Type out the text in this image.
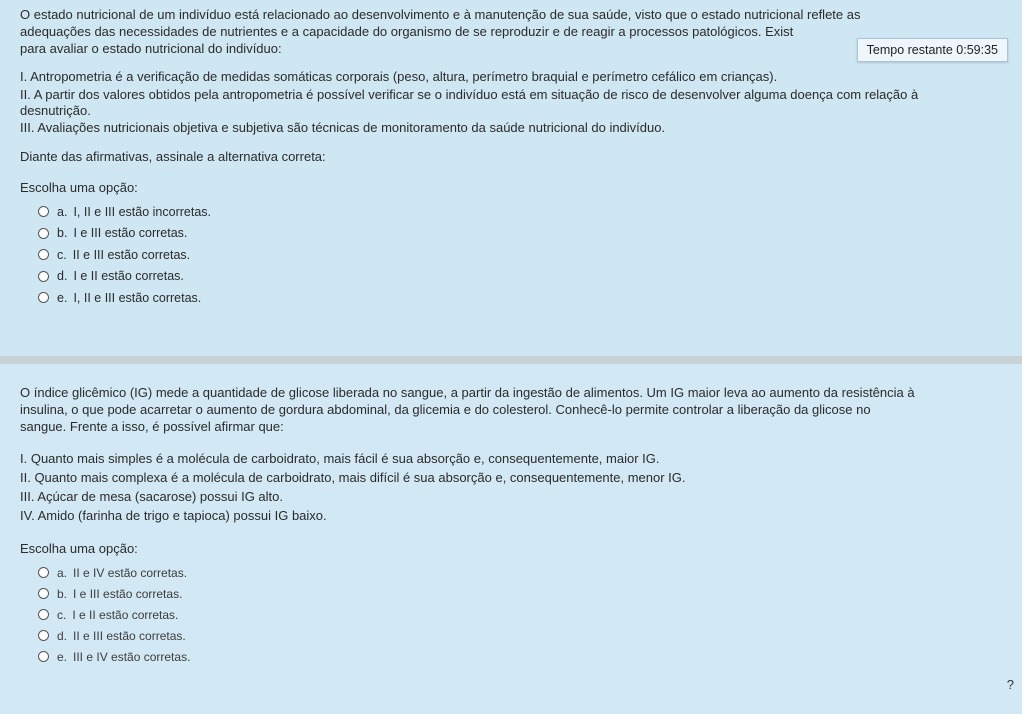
O estado nutricional de um indivíduo está relacionado ao desenvolvimento e à manutenção de sua saúde, visto que o estado nutricional reflete as

adequações das necessidades de nutrientes e a capacidade do organismo de se reproduzir e de reagir a processos patológicos. Exist

para avaliar o estado nutricional do indivíduo:

I. Antropometria é a verificação de medidas somáticas corporais (peso, altura, perímetro braquial e perímetro cefálico em crianças).

II. A partir dos valores obtidos pela antropometria é possível verificar se o indivíduo está em situação de risco de desenvolver alguma doença com relação à

desnutrição.

III. Avaliações nutricionais objetiva e subjetiva são técnicas de monitoramento da saúde nutricional do indivíduo.

Diante das afirmativas, assinale a alternativa correta:

Escolha uma opção:

a. I, II e III estão incorretas.
b. I e III estão corretas.
c. II e III estão corretas.
d. I e II estão corretas.
e. I, II e III estão corretas.
Tempo restante 0:59:35

O índice glicêmico (IG) mede a quantidade de glicose liberada no sangue, a partir da ingestão de alimentos. Um IG maior leva ao aumento da resistência à

insulina, o que pode acarretar o aumento de gordura abdominal, da glicemia e do colesterol. Conhecê-lo permite controlar a liberação da glicose no

sangue. Frente a isso, é possível afirmar que:

I. Quanto mais simples é a molécula de carboidrato, mais fácil é sua absorção e, consequentemente, maior IG.

II. Quanto mais complexa é a molécula de carboidrato, mais difícil é sua absorção e, consequentemente, menor IG.

III. Açúcar de mesa (sacarose) possui IG alto.

IV. Amido (farinha de trigo e tapioca) possui IG baixo.

Escolha uma opção:

a. II e IV estão corretas.
b. I e III estão corretas.
c. I e II estão corretas.
d. II e III estão corretas.
e. III e IV estão corretas.
?
